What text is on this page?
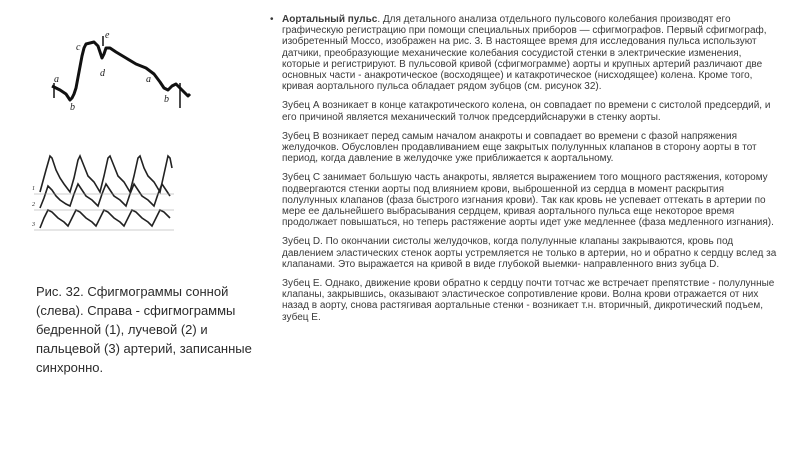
a
b
c
e
d
b
a
1
2
3
Рис. 32. Сфигмограммы сонной (слева). Справа - сфигмограммы бедренной (1), лучевой (2) и пальцевой (3) артерий, записанные синхронно.

• Аортальный пульс. Для детального анализа отдельного пульсового колебания производят его графическую регистрацию при помощи специальных приборов — сфигмографов. Первый сфигмограф, изобретенный Моссо, изображен на рис. 3. В настоящее время для исследования пульса используют датчики, преобразующие механические колебания сосудистой стенки в электрические изменения, которые и регистрируют. В пульсовой кривой (сфигмограмме) аорты и крупных артерий различают две основных части - анакротическое (восходящее) и катакротическое (нисходящее) колена. Кроме того, кривая аортального пульса обладает рядом зубцов (см. рисунок 32).

Зубец А возникает в конце катакротического колена, он совпадает по времени с систолой предсердий, и его причиной является механический толчок предсердийснаружи в стенку аорты.

Зубец В возникает перед самым началом анакроты и совпадает во времени с фазой напряжения желудочков. Обусловлен продавливанием еще закрытых полулунных клапанов в сторону аорты в тот период, когда давление в желудочке уже приближается к аортальному.

Зубец С занимает большую часть анакроты, является выражением того мощного растяжения, которому подвергаются стенки аорты под влиянием крови, выброшенной из сердца в момент раскрытия полулунных клапанов (фаза быстрого изгнания крови). Так как кровь не успевает оттекать в артерии по мере ее дальнейшего выбрасывания сердцем, кривая аортального пульса еще некоторое время продолжает повышаться, но теперь растяжение аорты идет уже медленнее (фаза медленного изгнания).

Зубец D. По окончании систолы желудочков, когда полулунные клапаны закрываются, кровь под давлением эластических стенок аорты устремляется не только в артерии, но и обратно к сердцу вслед за клапанами. Это выражается на кривой в виде глубокой выемки- направленного вниз зубца D.

Зубец Е. Однако, движение крови обратно к сердцу почти тотчас же встречает препятствие - полулунные клапаны, закрывшись, оказывают эластическое сопротивление крови. Волна крови отражается от них назад в аорту, снова растягивая аортальные стенки - возникает т.н. вторичный, дикротический подъем, зубец Е.
